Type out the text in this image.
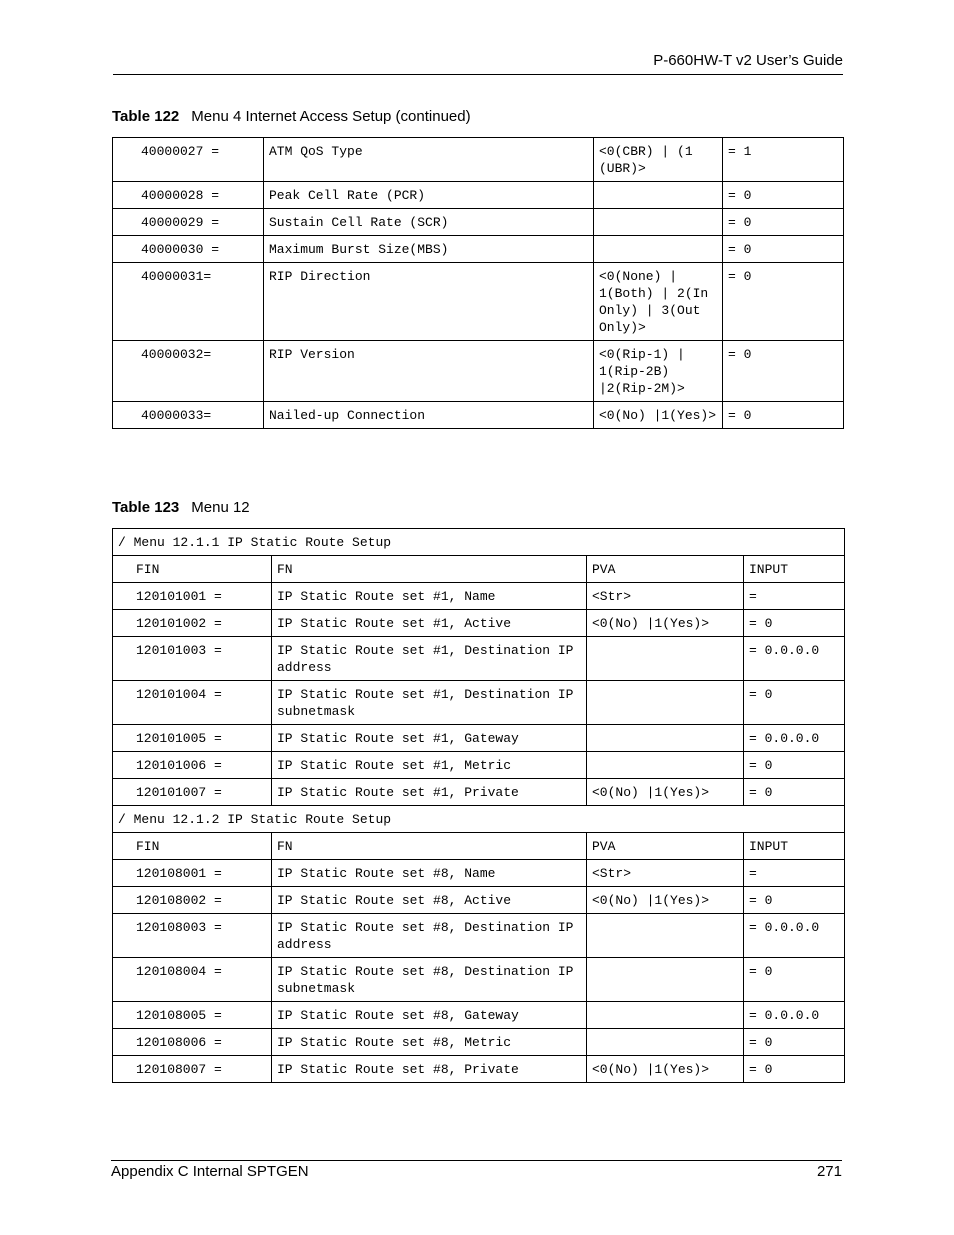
P-660HW-T v2 User’s Guide
Table 122 Menu 4 Internet Access Setup (continued)
40000027 =	ATM QoS Type	<0(CBR) | (1 (UBR)>	= 1
40000028 =	Peak Cell Rate (PCR)		= 0
40000029 =	Sustain Cell Rate (SCR)		= 0
40000030 =	Maximum Burst Size(MBS)		= 0
40000031=	RIP Direction	<0(None) | 1(Both) | 2(In Only) | 3(Out Only)>	= 0
40000032=	RIP Version	<0(Rip-1) | 1(Rip-2B) |2(Rip-2M)>	= 0
40000033=	Nailed-up Connection	<0(No) |1(Yes)>	= 0
Table 123 Menu 12
/ Menu 12.1.1 IP Static Route Setup			
FIN	FN	PVA	INPUT
120101001 =	IP Static Route set #1, Name	<Str>	=
120101002 =	IP Static Route set #1, Active	<0(No) |1(Yes)>	= 0
120101003 =	IP Static Route set #1, Destination IP address		= 0.0.0.0
120101004 =	IP Static Route set #1, Destination IP subnetmask		= 0
120101005 =	IP Static Route set #1, Gateway		= 0.0.0.0
120101006 =	IP Static Route set #1, Metric		= 0
120101007 =	IP Static Route set #1, Private	<0(No) |1(Yes)>	= 0
/ Menu 12.1.2 IP Static Route Setup			
FIN	FN	PVA	INPUT
120108001 =	IP Static Route set #8, Name	<Str>	=
120108002 =	IP Static Route set #8, Active	<0(No) |1(Yes)>	= 0
120108003 =	IP Static Route set #8, Destination IP address		= 0.0.0.0
120108004 =	IP Static Route set #8, Destination IP subnetmask		= 0
120108005 =	IP Static Route set #8, Gateway		= 0.0.0.0
120108006 =	IP Static Route set #8, Metric		= 0
120108007 =	IP Static Route set #8, Private	<0(No) |1(Yes)>	= 0
Appendix C Internal SPTGEN	271
